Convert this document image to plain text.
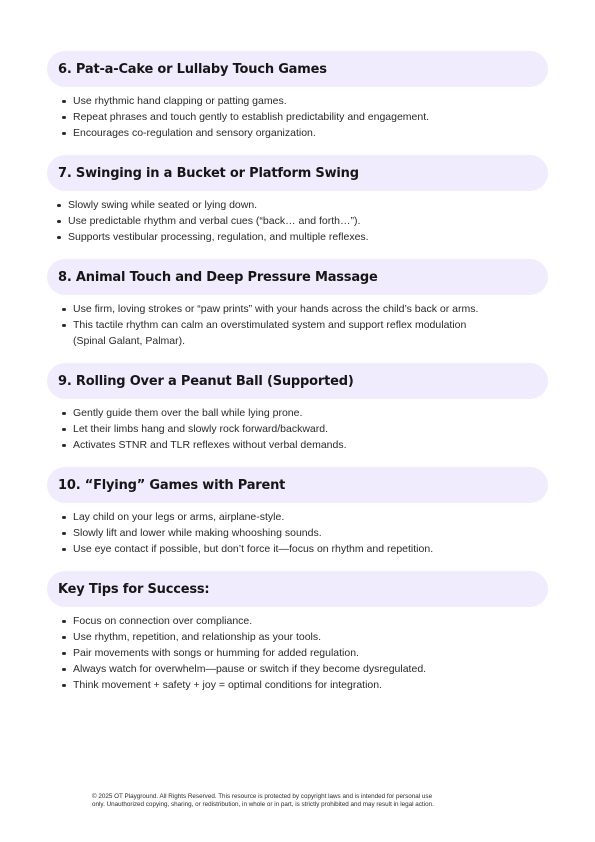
6. Pat-a-Cake or Lullaby Touch Games
Use rhythmic hand clapping or patting games.
Repeat phrases and touch gently to establish predictability and engagement.
Encourages co-regulation and sensory organization.
7. Swinging in a Bucket or Platform Swing
Slowly swing while seated or lying down.
Use predictable rhythm and verbal cues (“back… and forth…”).
Supports vestibular processing, regulation, and multiple reflexes.
8. Animal Touch and Deep Pressure Massage
Use firm, loving strokes or “paw prints” with your hands across the child’s back or arms.
This tactile rhythm can calm an overstimulated system and support reflex modulation
(Spinal Galant, Palmar).
9. Rolling Over a Peanut Ball (Supported)
Gently guide them over the ball while lying prone.
Let their limbs hang and slowly rock forward/backward.
Activates STNR and TLR reflexes without verbal demands.
10. “Flying” Games with Parent
Lay child on your legs or arms, airplane-style.
Slowly lift and lower while making whooshing sounds.
Use eye contact if possible, but don’t force it—focus on rhythm and repetition.
Key Tips for Success:
Focus on connection over compliance.
Use rhythm, repetition, and relationship as your tools.
Pair movements with songs or humming for added regulation.
Always watch for overwhelm—pause or switch if they become dysregulated.
Think movement + safety + joy = optimal conditions for integration.
© 2025 OT Playground. All Rights Reserved. This resource is protected by copyright laws and is intended for personal use
only. Unauthorized copying, sharing, or redistribution, in whole or in part, is strictly prohibited and may result in legal action.
